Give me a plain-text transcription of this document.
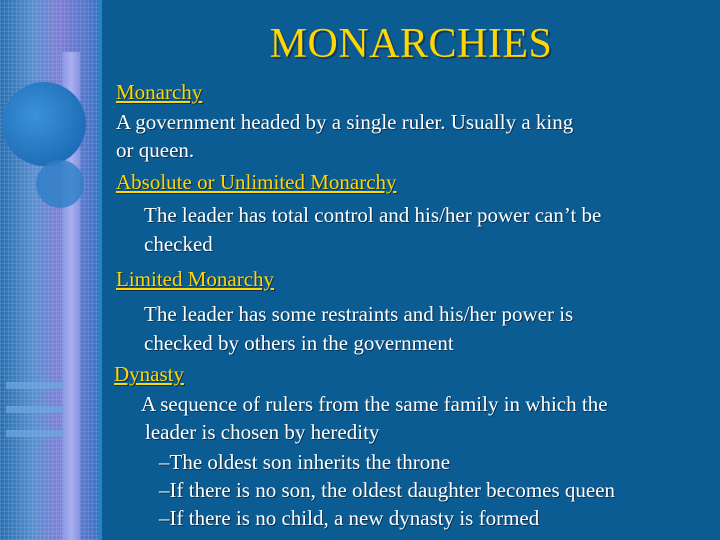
MONARCHIES
Monarchy
A government headed by a single ruler. Usually a king
or queen.
Absolute or Unlimited Monarchy
The leader has total control and his/her power can’t be
checked
Limited Monarchy
The leader has some restraints and his/her power is
checked by others in the government
Dynasty
A sequence of rulers from the same family in which the
leader is chosen by heredity
–The oldest son inherits the throne
–If there is no son, the oldest daughter becomes queen
–If there is no child, a new dynasty is formed
